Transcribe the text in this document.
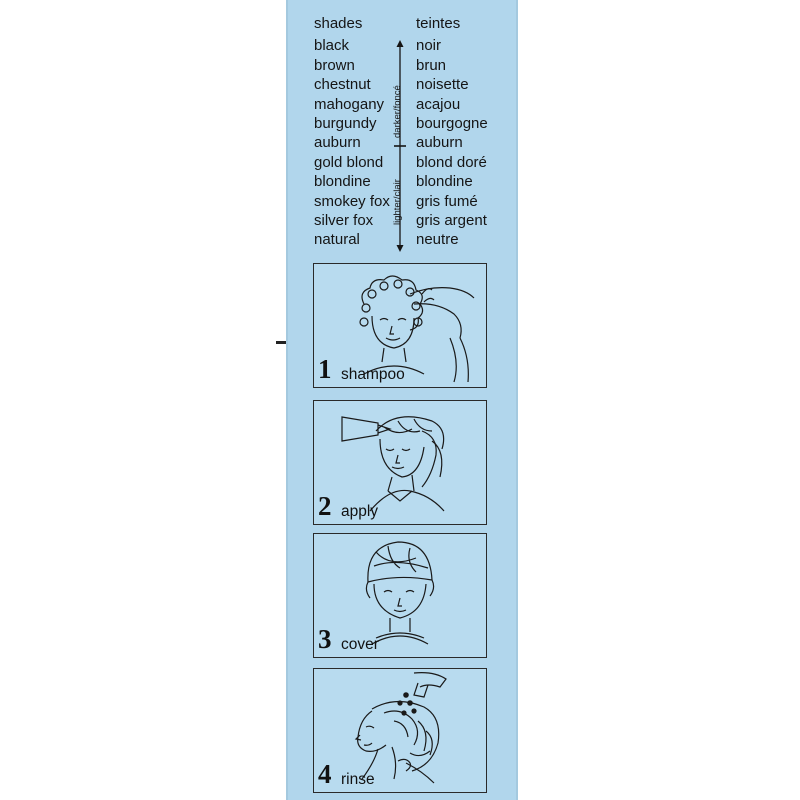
shades
black
brown
chestnut
mahogany
burgundy
auburn
gold blond
blondine
smokey fox
silver fox
natural
darker/foncé
lighter/clair
teintes
noir
brun
noisette
acajou
bourgogne
auburn
blond doré
blondine
gris fumé
gris argent
neutre
1 shampoo
2 apply
3 cover
4 rinse
